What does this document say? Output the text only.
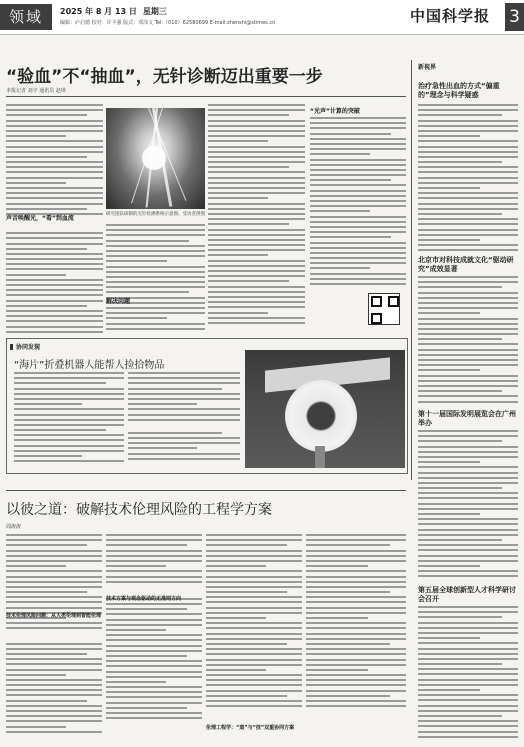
领域	2025 年 8 月 13 日 星期三
编辑：庐启德 校对：许丰强 版式：邓泽文 Tel:（010）62580699 E-mail:zhenshi@stimes.cn	中国科学报 3
“验血”不“抽血”，无针诊断迈出重要一步
本报记者 刘宇 通讯员 赵琪
声音唤醒光，“看”到血流
研究团队研制的无针检测系统示意图。受访者供图
解决问题
“光声”计算的突破
新视界
治疗急性出血的方式“偏重的”理念与科学疑惑
北京市对科技成就文化“驱动研究”成效显著
第十一届国际发明展览会在广州举办
第五届全球创新型人才科学研讨会召开
协同发现
“海片”折叠机器人能帮人捡拾物品
以彼之道：破解技术伦理风险的工程学方案
周涛涛
技术伦理风险问题：从人类伦理到智能伦理
技术方案与观念驱动的无准则方向
伦理工程学：“道”与“技”双重协同方案
